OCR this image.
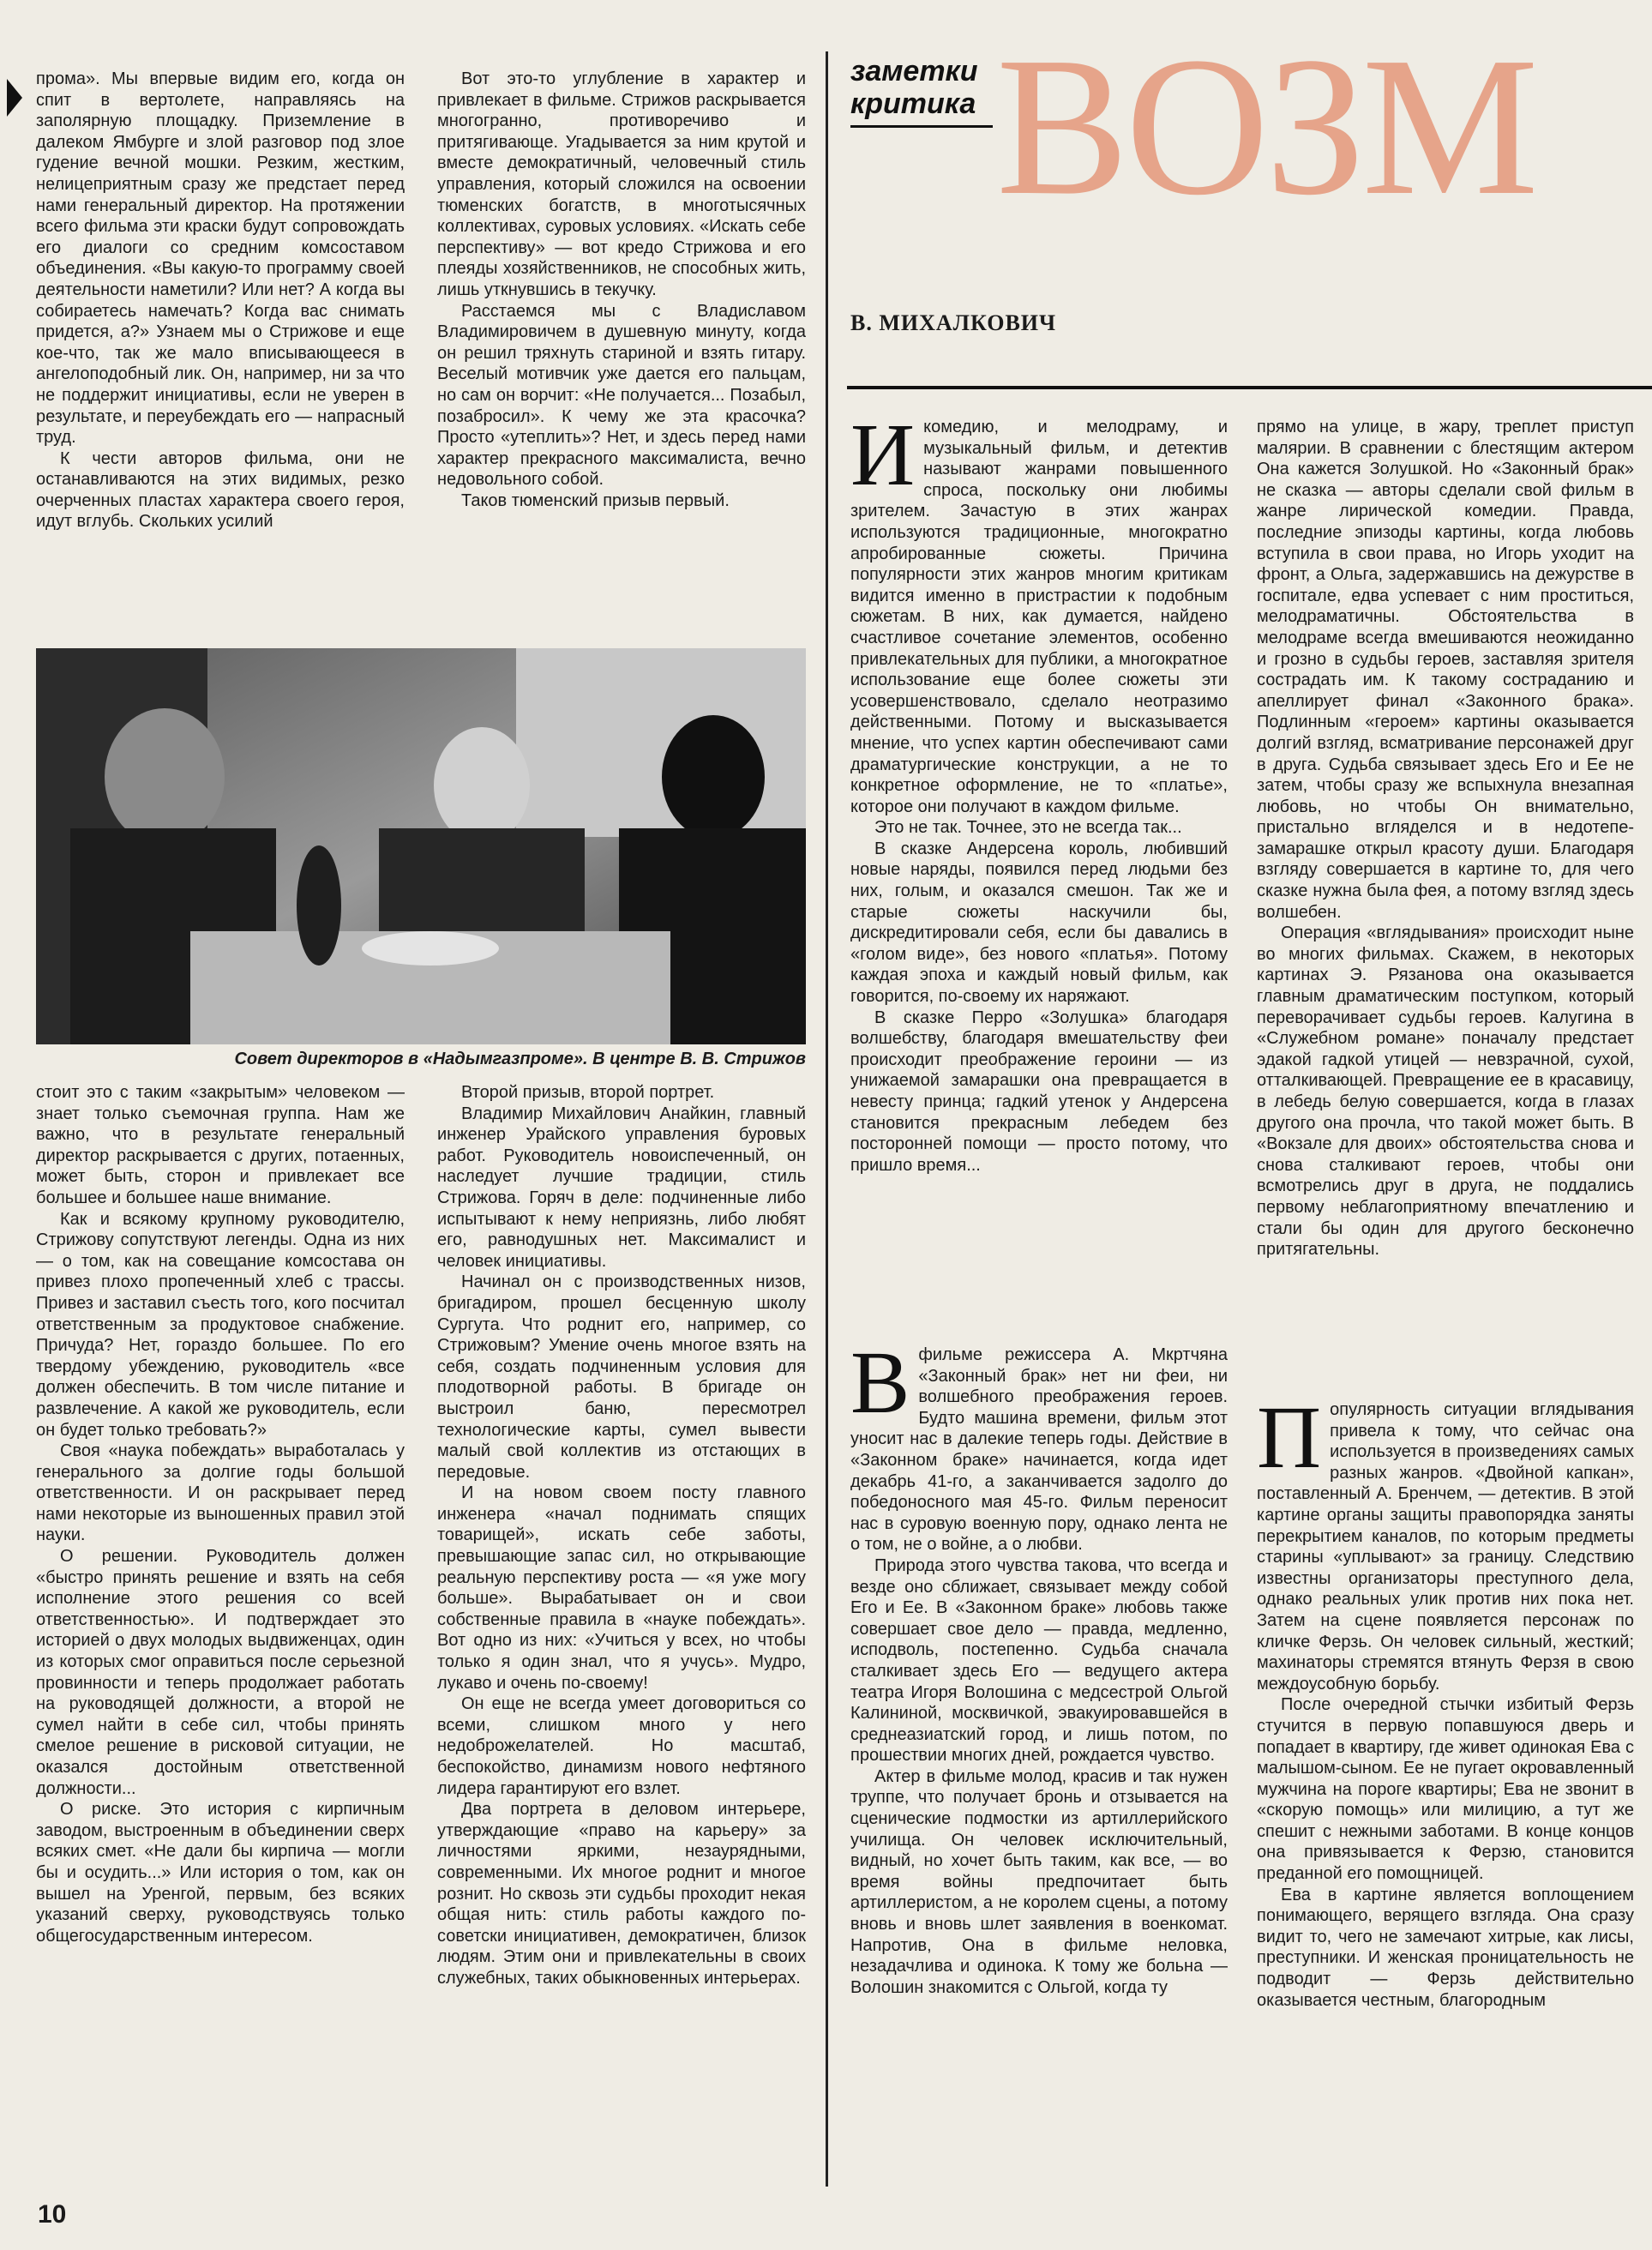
ВОЗМ
заметки
критика
В. МИХАЛКОВИЧ

прома». Мы впервые видим его, когда он спит в вертолете, направляясь на заполярную площадку. Приземление в далеком Ямбурге и злой разговор под злое гудение вечной мошки. Резким, жестким, нелицеприятным сразу же предстает перед нами генеральный директор. На протяжении всего фильма эти краски будут сопровождать его диалоги со средним комсоставом объединения. «Вы какую-то программу своей деятельности наметили? Или нет? А когда вы собираетесь намечать? Когда вас снимать придется, а?» Узнаем мы о Стрижове и еще кое-что, так же мало вписывающееся в ангелоподобный лик. Он, например, ни за что не поддержит инициативы, если не уверен в результате, и переубеждать его — напрасный труд.

К чести авторов фильма, они не останавливаются на этих видимых, резко очерченных пластах характера своего героя, идут вглубь. Скольких усилий

Вот это-то углубление в характер и привлекает в фильме. Стрижов раскрывается многогранно, противоречиво и притягивающе. Угадывается за ним крутой и вместе демократичный, человечный стиль управления, который сложился на освоении тюменских богатств, в многотысячных коллективах, суровых условиях. «Искать себе перспективу» — вот кредо Стрижова и его плеяды хозяйственников, не способных жить, лишь уткнувшись в текучку.

Расстаемся мы с Владиславом Владимировичем в душевную минуту, когда он решил тряхнуть стариной и взять гитару. Веселый мотивчик уже дается его пальцам, но сам он ворчит: «Не получается... Позабыл, позабросил». К чему же эта красочка? Просто «утеплить»? Нет, и здесь перед нами характер прекрасного максималиста, вечно недовольного собой.

Таков тюменский призыв первый.

Совет директоров в «Надымгазпроме». В центре В. В. Стрижов

стоит это с таким «закрытым» человеком — знает только съемочная группа. Нам же важно, что в результате генеральный директор раскрывается с других, потаенных, может быть, сторон и привлекает все большее и большее наше внимание.

Как и всякому крупному руководителю, Стрижову сопутствуют легенды. Одна из них — о том, как на совещание комсостава он привез плохо пропеченный хлеб с трассы. Привез и заставил съесть того, кого посчитал ответственным за продуктовое снабжение. Причуда? Нет, гораздо большее. По его твердому убеждению, руководитель «все должен обеспечить. В том числе питание и развлечение. А какой же руководитель, если он будет только требовать?»

Своя «наука побеждать» выработалась у генерального за долгие годы большой ответственности. И он раскрывает перед нами некоторые из выношенных правил этой науки.

О решении. Руководитель должен «быстро принять решение и взять на себя исполнение этого решения со всей ответственностью». И подтверждает это историей о двух молодых выдвиженцах, один из которых смог оправиться после серьезной провинности и теперь продолжает работать на руководящей должности, а второй не сумел найти в себе сил, чтобы принять смелое решение в рисковой ситуации, не оказался достойным ответственной должности...

О риске. Это история с кирпичным заводом, выстроенным в объединении сверх всяких смет. «Не дали бы кирпича — могли бы и осудить...» Или история о том, как он вышел на Уренгой, первым, без всяких указаний сверху, руководствуясь только общегосударственным интересом.

Второй призыв, второй портрет.

Владимир Михайлович Анайкин, главный инженер Урайского управления буровых работ. Руководитель новоиспеченный, он наследует лучшие традиции, стиль Стрижова. Горяч в деле: подчиненные либо испытывают к нему неприязнь, либо любят его, равнодушных нет. Максималист и человек инициативы.

Начинал он с производственных низов, бригадиром, прошел бесценную школу Сургута. Что роднит его, например, со Стрижовым? Умение очень многое взять на себя, создать подчиненным условия для плодотворной работы. В бригаде он выстроил баню, пересмотрел технологические карты, сумел вывести малый свой коллектив из отстающих в передовые.

И на новом своем посту главного инженера «начал поднимать спящих товарищей», искать себе заботы, превышающие запас сил, но открывающие реальную перспективу роста — «я уже могу больше». Вырабатывает он и свои собственные правила в «науке побеждать». Вот одно из них: «Учиться у всех, но чтобы только я один знал, что я учусь». Мудро, лукаво и очень по-своему!

Он еще не всегда умеет договориться со всеми, слишком много у него недоброжелателей. Но масштаб, беспокойство, динамизм нового нефтяного лидера гарантируют его взлет.

Два портрета в деловом интерьере, утверждающие «право на карьеру» за личностями яркими, незаурядными, современными. Их многое роднит и многое рознит. Но сквозь эти судьбы проходит некая общая нить: стиль работы каждого по-советски инициативен, демократичен, близок людям. Этим они и привлекательны в своих служебных, таких обыкновенных интерьерах.

Икомедию, и мелодраму, и музыкальный фильм, и детектив называют жанрами повышенного спроса, поскольку они любимы зрителем. Зачастую в этих жанрах используются традиционные, многократно апробированные сюжеты. Причина популярности этих жанров многим критикам видится именно в пристрастии к подобным сюжетам. В них, как думается, найдено счастливое сочетание элементов, особенно привлекательных для публики, а многократное использование еще более сюжеты эти усовершенствовало, сделало неотразимо действенными. Потому и высказывается мнение, что успех картин обеспечивают сами драматургические конструкции, а не то конкретное оформление, не то «платье», которое они получают в каждом фильме.

Это не так. Точнее, это не всегда так...

В сказке Андерсена король, любивший новые наряды, появился перед людьми без них, голым, и оказался смешон. Так же и старые сюжеты наскучили бы, дискредитировали себя, если бы давались в «голом виде», без нового «платья». Потому каждая эпоха и каждый новый фильм, как говорится, по-своему их наряжают.

В сказке Перро «Золушка» благодаря волшебству, благодаря вмешательству феи происходит преображение героини — из унижаемой замарашки она превращается в невесту принца; гадкий утенок у Андерсена становится прекрасным лебедем без посторонней помощи — просто потому, что пришло время...

Вфильме режиссера А. Мкртчяна «Законный брак» нет ни феи, ни волшебного преображения героев. Будто машина времени, фильм этот уносит нас в далекие теперь годы. Действие в «Законном браке» начинается, когда идет декабрь 41-го, а заканчивается задолго до победоносного мая 45-го. Фильм переносит нас в суровую военную пору, однако лента не о том, не о войне, а о любви.

Природа этого чувства такова, что всегда и везде оно сближает, связывает между собой Его и Ее. В «Законном браке» любовь также совершает свое дело — правда, медленно, исподволь, постепенно. Судьба сначала сталкивает здесь Его — ведущего актера театра Игоря Волошина с медсестрой Ольгой Калининой, москвичкой, эвакуировавшейся в среднеазиатский город, и лишь потом, по прошествии многих дней, рождается чувство.

Актер в фильме молод, красив и так нужен труппе, что получает бронь и отзывается на сценические подмостки из артиллерийского училища. Он человек исключительный, видный, но хочет быть таким, как все, — во время войны предпочитает быть артиллеристом, а не королем сцены, а потому вновь и вновь шлет заявления в военкомат. Напротив, Она в фильме неловка, незадачлива и одинока. К тому же больна — Волошин знакомится с Ольгой, когда ту

прямо на улице, в жару, треплет приступ малярии. В сравнении с блестящим актером Она кажется Золушкой. Но «Законный брак» не сказка — авторы сделали свой фильм в жанре лирической комедии. Правда, последние эпизоды картины, когда любовь вступила в свои права, но Игорь уходит на фронт, а Ольга, задержавшись на дежурстве в госпитале, едва успевает с ним проститься, мелодраматичны. Обстоятельства в мелодраме всегда вмешиваются неожиданно и грозно в судьбы героев, заставляя зрителя сострадать им. К такому состраданию и апеллирует финал «Законного брака». Подлинным «героем» картины оказывается долгий взгляд, всматривание персонажей друг в друга. Судьба связывает здесь Его и Ее не затем, чтобы сразу же вспыхнула внезапная любовь, но чтобы Он внимательно, пристально вгляделся и в недотепе-замарашке открыл красоту души. Благодаря взгляду совершается в картине то, для чего сказке нужна была фея, а потому взгляд здесь волшебен.

Операция «вглядывания» происходит ныне во многих фильмах. Скажем, в некоторых картинах Э. Рязанова она оказывается главным драматическим поступком, который переворачивает судьбы героев. Калугина в «Служебном романе» поначалу предстает эдакой гадкой утицей — невзрачной, сухой, отталкивающей. Превращение ее в красавицу, в лебедь белую совершается, когда в глазах другого она прочла, что такой может быть. В «Вокзале для двоих» обстоятельства снова и снова сталкивают героев, чтобы они всмотрелись друг в друга, не поддались первому неблагоприятному впечатлению и стали бы один для другого бесконечно притягательны.

Популярность ситуации вглядывания привела к тому, что сейчас она используется в произведениях самых разных жанров. «Двойной капкан», поставленный А. Бренчем, — детектив. В этой картине органы защиты правопорядка заняты перекрытием каналов, по которым предметы старины «уплывают» за границу. Следствию известны организаторы преступного дела, однако реальных улик против них пока нет. Затем на сцене появляется персонаж по кличке Ферзь. Он человек сильный, жесткий; махинаторы стремятся втянуть Ферзя в свою междоусобную борьбу.

После очередной стычки избитый Ферзь стучится в первую попавшуюся дверь и попадает в квартиру, где живет одинокая Ева с малышом-сыном. Ее не пугает окровавленный мужчина на пороге квартиры; Ева не звонит в «скорую помощь» или милицию, а тут же спешит с нежными заботами. В конце концов она привязывается к Ферзю, становится преданной его помощницей.

Ева в картине является воплощением понимающего, верящего взгляда. Она сразу видит то, чего не замечают хитрые, как лисы, преступники. И женская проницательность не подводит — Ферзь действительно оказывается честным, благородным

10
